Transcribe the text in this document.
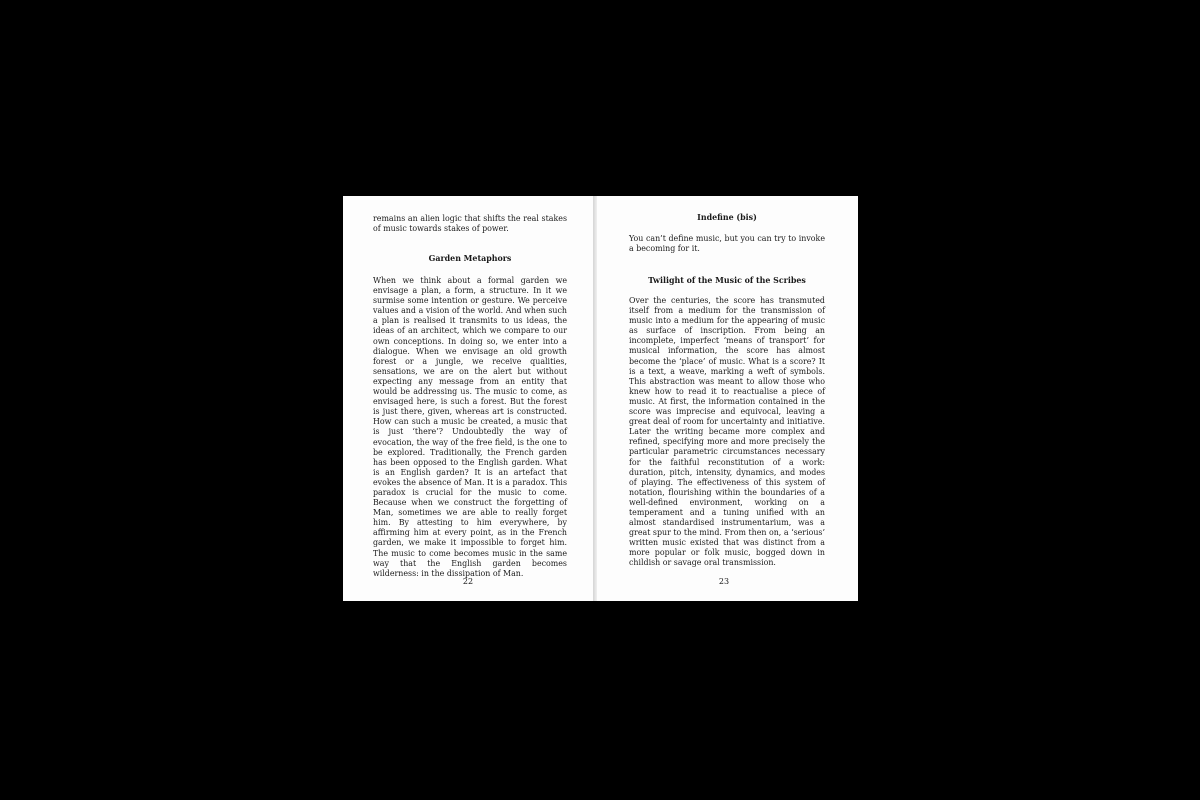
remains an alien logic that shifts the real stakes of music towards stakes of power.

Garden Metaphors

When we think about a formal garden we envisage a plan, a form, a structure. In it we surmise some intention or gesture. We perceive values and a vision of the world. And when such a plan is realised it transmits to us ideas, the ideas of an architect, which we compare to our own conceptions. In doing so, we enter into a dialogue. When we envisage an old growth forest or a jungle, we receive qualities, sensations, we are on the alert but without expecting any message from an entity that would be addressing us. The music to come, as envisaged here, is such a forest. But the forest is just there, given, whereas art is constructed. How can such a music be created, a music that is just ‘there’? Undoubtedly the way of evocation, the way of the free field, is the one to be explored. Traditionally, the French garden has been opposed to the English garden. What is an English garden? It is an artefact that evokes the absence of Man. It is a paradox. This paradox is crucial for the music to come. Because when we construct the forgetting of Man, sometimes we are able to really forget him. By attesting to him everywhere, by affirming him at every point, as in the French garden, we make it impossible to forget him. The music to come becomes music in the same way that the English garden becomes wilderness: in the dissipation of Man.

22

Indefine (bis)

You can’t define music, but you can try to invoke a becoming for it.

Twilight of the Music of the Scribes

Over the centuries, the score has transmuted itself from a medium for the transmission of music into a medium for the appearing of music as surface of inscription. From being an incomplete, imperfect ‘means of transport’ for musical information, the score has almost become the ‘place’ of music. What is a score? It is a text, a weave, marking a weft of symbols. This abstraction was meant to allow those who knew how to read it to reactualise a piece of music. At first, the information contained in the score was imprecise and equivocal, leaving a great deal of room for uncertainty and initiative. Later the writing became more complex and refined, specifying more and more precisely the particular parametric circumstances necessary for the faithful reconstitution of a work: duration, pitch, intensity, dynamics, and modes of playing. The effectiveness of this system of notation, flourishing within the boundaries of a well-defined environment, working on a temperament and a tuning unified with an almost standardised instrumentarium, was a great spur to the mind. From then on, a ‘serious’ written music existed that was distinct from a more popular or folk music, bogged down in childish or savage oral transmission.

23
